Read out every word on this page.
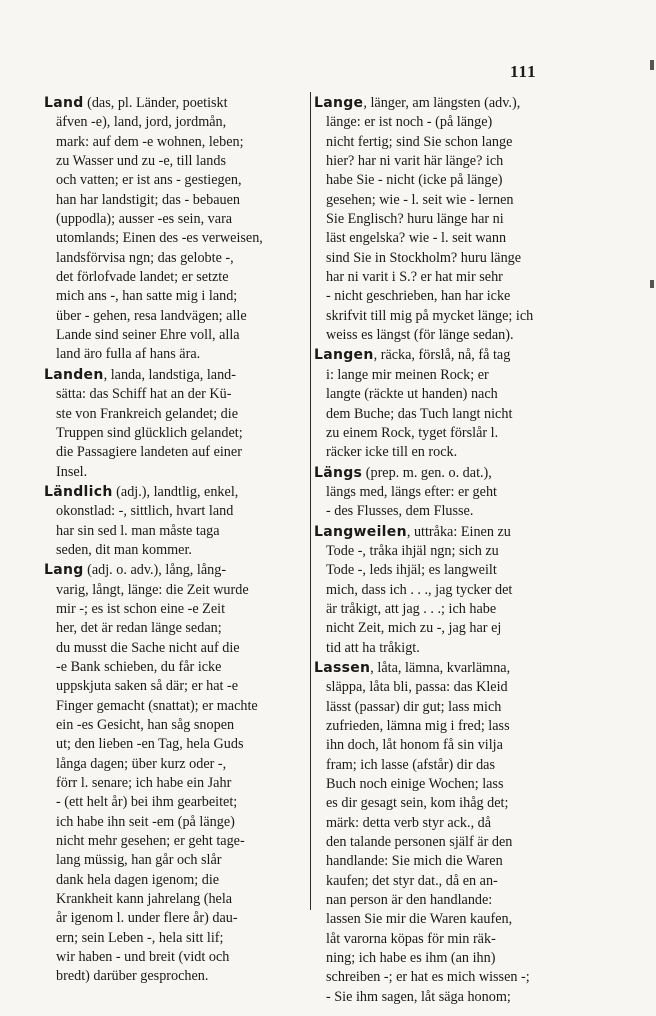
111
Land (das, pl. Länder, poetiskt
äfven -e), land, jord, jordmån,
mark: auf dem -e wohnen, leben;
zu Wasser und zu -e, till lands
och vatten; er ist ans - gestiegen,
han har landstigit; das - bebauen
(uppodla); ausser -es sein, vara
utomlands; Einen des -es verweisen,
landsförvisa ngn; das gelobte -,
det förlofvade landet; er setzte
mich ans -, han satte mig i land;
über - gehen, resa landvägen; alle
Lande sind seiner Ehre voll, alla
land äro fulla af hans ära.
Landen, landa, landstiga, land-
sätta: das Schiff hat an der Kü-
ste von Frankreich gelandet; die
Truppen sind glücklich gelandet;
die Passagiere landeten auf einer
Insel.
Ländlich (adj.), landtlig, enkel,
okonstlad: -, sittlich, hvart land
har sin sed l. man måste taga
seden, dit man kommer.
Lang (adj. o. adv.), lång, lång-
varig, långt, länge: die Zeit wurde
mir -; es ist schon eine -e Zeit
her, det är redan länge sedan;
du musst die Sache nicht auf die
-e Bank schieben, du får icke
uppskjuta saken så där; er hat -e
Finger gemacht (snattat); er machte
ein -es Gesicht, han såg snopen
ut; den lieben -en Tag, hela Guds
långa dagen; über kurz oder -,
förr l. senare; ich habe ein Jahr
- (ett helt år) bei ihm gearbeitet;
ich habe ihn seit -em (på länge)
nicht mehr gesehen; er geht tage-
lang müssig, han går och slår
dank hela dagen igenom; die
Krankheit kann jahrelang (hela
år igenom l. under flere år) dau-
ern; sein Leben -, hela sitt lif;
wir haben - und breit (vidt och
bredt) darüber gesprochen.
Lange, länger, am längsten (adv.),
länge: er ist noch - (på länge)
nicht fertig; sind Sie schon lange
hier? har ni varit här länge? ich
habe Sie - nicht (icke på länge)
gesehen; wie - l. seit wie - lernen
Sie Englisch? huru länge har ni
läst engelska? wie - l. seit wann
sind Sie in Stockholm? huru länge
har ni varit i S.? er hat mir sehr
- nicht geschrieben, han har icke
skrifvit till mig på mycket länge; ich
weiss es längst (för länge sedan).
Langen, räcka, förslå, nå, få tag
i: lange mir meinen Rock; er
langte (räckte ut handen) nach
dem Buche; das Tuch langt nicht
zu einem Rock, tyget förslår l.
räcker icke till en rock.
Längs (prep. m. gen. o. dat.),
längs med, längs efter: er geht
- des Flusses, dem Flusse.
Langweilen, uttråka: Einen zu
Tode -, tråka ihjäl ngn; sich zu
Tode -, leds ihjäl; es langweilt
mich, dass ich . . ., jag tycker det
är tråkigt, att jag . . .; ich habe
nicht Zeit, mich zu -, jag har ej
tid att ha tråkigt.
Lassen, låta, lämna, kvarlämna,
släppa, låta bli, passa: das Kleid
lässt (passar) dir gut; lass mich
zufrieden, lämna mig i fred; lass
ihn doch, låt honom få sin vilja
fram; ich lasse (afstår) dir das
Buch noch einige Wochen; lass
es dir gesagt sein, kom ihåg det;
märk: detta verb styr ack., då
den talande personen själf är den
handlande: Sie mich die Waren
kaufen; det styr dat., då en an-
nan person är den handlande:
lassen Sie mir die Waren kaufen,
låt varorna köpas för min räk-
ning; ich habe es ihm (an ihn)
schreiben -; er hat es mich wissen -;
- Sie ihm sagen, låt säga honom;
